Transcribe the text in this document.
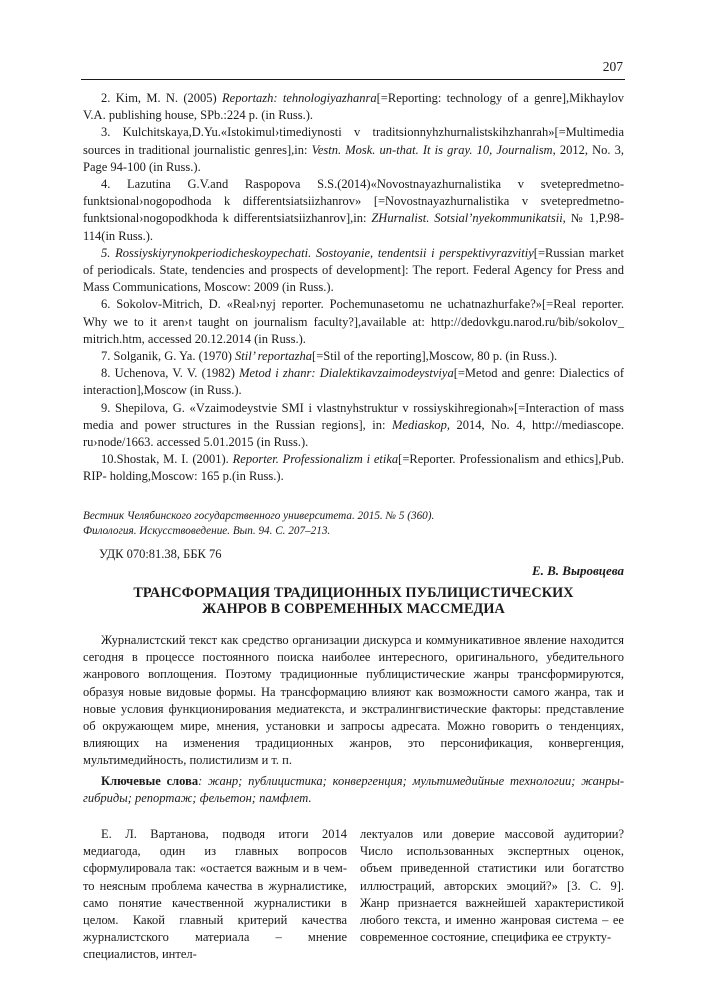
207
2. Kim, M. N. (2005) Reportazh: tehnologiyazhanra[=Reporting: technology of a genre],Mikhaylov V.A. publishing house, SPb.:224 p. (in Russ.).
3. Kulchitskaya,D.Yu.«Istokimul›timediynosti v traditsionnyhzhurnalistskihzhanrah»[=Multimedia sources in traditional journalistic genres],in: Vestn. Mosk. un-that. It is gray. 10, Journalism, 2012, No. 3, Page 94-100 (in Russ.).
4. Lazutina G.V.and Raspopova S.S.(2014)«Novostnayazhurnalistika v svetepredmetno-funktsional›nogopodhoda k differentsiatsiizhanrov» [=Novostnayazhurnalistika v svetepredmetno-funktsional›nogopodkhoda k differentsiatsiizhanrov],in: ZHurnalist. Sotsial’nyekommunikatsii, № 1,P.98-114(in Russ.).
5. Rossiyskiyrynokperiodicheskoypechati. Sostoyanie, tendentsii i perspektivyrazvitiy[=Russian market of periodicals. State, tendencies and prospects of development]: The report. Federal Agency for Press and Mass Communications, Moscow: 2009 (in Russ.).
6. Sokolov-Mitrich, D. «Real›nyj reporter. Pochemunasetomu ne uchatnazhurfake?»[=Real reporter. Why we to it aren›t taught on journalism faculty?],available at: http://dedovkgu.narod.ru/bib/sokolov_ mitrich.htm, accessed 20.12.2014 (in Russ.).
7. Solganik, G. Ya. (1970) Stil’ reportazha[=Stil of the reporting],Moscow, 80 p. (in Russ.).
8. Uchenova, V. V. (1982) Metod i zhanr: Dialektikavzaimodeystviya[=Metod and genre: Dialectics of interaction],Moscow (in Russ.).
9. Shepilova, G. «Vzaimodeystvie SMI i vlastnyhstruktur v rossiyskihregionah»[=Interaction of mass media and power structures in the Russian regions], in: Mediaskop, 2014, No. 4, http://mediascope. ru›node/1663. accessed 5.01.2015 (in Russ.).
10.Shostak, M. I. (2001). Reporter. Professionalizm i etika[=Reporter. Professionalism and ethics],Pub. RIP- holding,Moscow: 165 p.(in Russ.).
Вестник Челябинского государственного университета. 2015. № 5 (360).
Филология. Искусствоведение. Вып. 94. С. 207–213.
УДК 070:81.38, ББК 76
Е. В. Выровцева
ТРАНСФОРМАЦИЯ ТРАДИЦИОННЫХ ПУБЛИЦИСТИЧЕСКИХ
ЖАНРОВ В СОВРЕМЕННЫХ МАССМЕДИА
Журналистский текст как средство организации дискурса и коммуникативное явление находится сегодня в процессе постоянного поиска наиболее интересного, оригинального, убедительного жанрового воплощения. Поэтому традиционные публицистические жанры трансформируются, образуя новые видовые формы. На трансформацию влияют как возможности самого жанра, так и новые условия функционирования медиатекста, и экстралингвистические факторы: представление об окружающем мире, мнения, установки и запросы адресата. Можно говорить о тенденциях, влияющих на изменения традиционных жанров, это персонификация, конвергенция, мультимедийность, полистилизм и т. п.
Ключевые слова: жанр; публицистика; конвергенция; мультимедийные технологии; жанры-гибриды; репортаж; фельетон; памфлет.
Е. Л. Вартанова, подводя итоги 2014 медиагода, один из главных вопросов сформулировала так: «остается важным и в чем-то неясным проблема качества в журналистике, само понятие качественной журналистики в целом. Какой главный критерий качества журналистского материала – мнение специалистов, интел-
лектуалов или доверие массовой аудитории? Число использованных экспертных оценок, объем приведенной статистики или богатство иллюстраций, авторских эмоций?» [3. С. 9]. Жанр признается важнейшей характеристикой любого текста, и именно жанровая система – ее современное состояние, специфика ее структу-
